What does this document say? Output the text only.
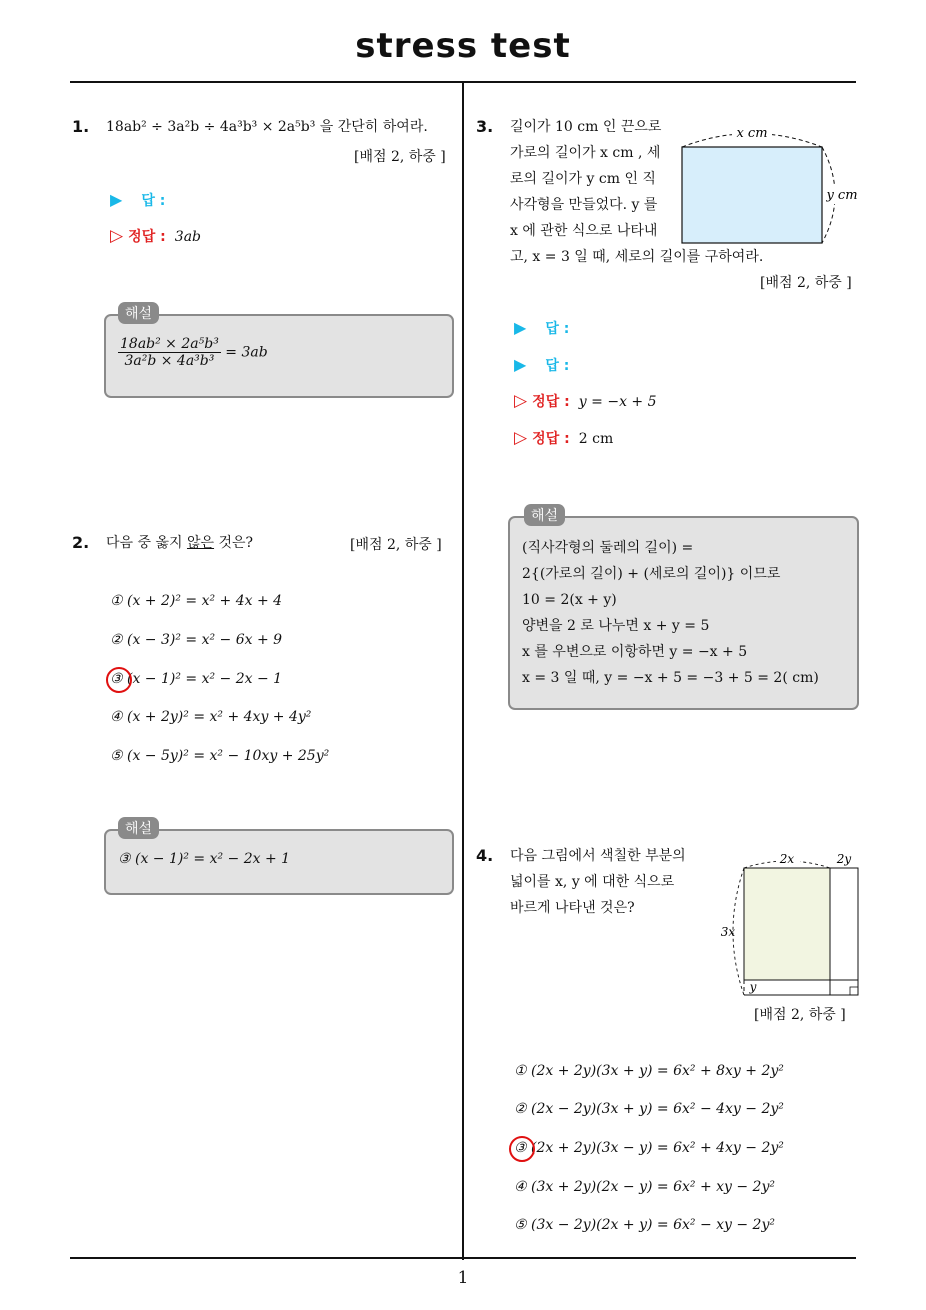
stress test
1. 18ab² ÷ 3a²b ÷ 4a³b³ × 2a⁵b³ 을 간단히 하여라.
[배점 2, 하중 ]
▶ 답 :
▷ 정답 : 3ab
해설
$\frac{\text{18ab² × 2a⁵b³}}{\text{3a²b × 4a³b³}} = 3ab$
2. 다음 중 옳지 않은 것은?	[배점 2, 하중 ]
① (x + 2)² = x² + 4x + 4
② (x − 3)² = x² − 6x + 9
③ (x − 1)² = x² − 2x − 1
④ (x + 2y)² = x² + 4xy + 4y²
⑤ (x − 5y)² = x² − 10xy + 25y²
해설
③ (x − 1)² = x² − 2x + 1
3. 길이가 10 cm 인 끈으로
가로의 길이가 x cm , 세
로의 길이가 y cm 인 직
사각형을 만들었다. y 를
x 에 관한 식으로 나타내
고, x = 3 일 때, 세로의 길이를 구하여라.
x cm
y cm
[배점 2, 하중 ]
▶ 답 :
▶ 답 :
▷ 정답 : y = −x + 5
▷ 정답 : 2 cm
해설
(직사각형의 둘레의 길이) =
2{(가로의 길이) + (세로의 길이)} 이므로
10 = 2(x + y)
양변을 2 로 나누면 x + y = 5
x 를 우변으로 이항하면 y = −x + 5
x = 3 일 때, y = −x + 5 = −3 + 5 = 2( cm)
4. 다음 그림에서 색칠한 부분의
넓이를 x, y 에 대한 식으로
바르게 나타낸 것은?
2x	2y
3x
y
[배점 2, 하중 ]
① (2x + 2y)(3x + y) = 6x² + 8xy + 2y²
② (2x − 2y)(3x + y) = 6x² − 4xy − 2y²
③ (2x + 2y)(3x − y) = 6x² + 4xy − 2y²
④ (3x + 2y)(2x − y) = 6x² + xy − 2y²
⑤ (3x − 2y)(2x + y) = 6x² − xy − 2y²
1
